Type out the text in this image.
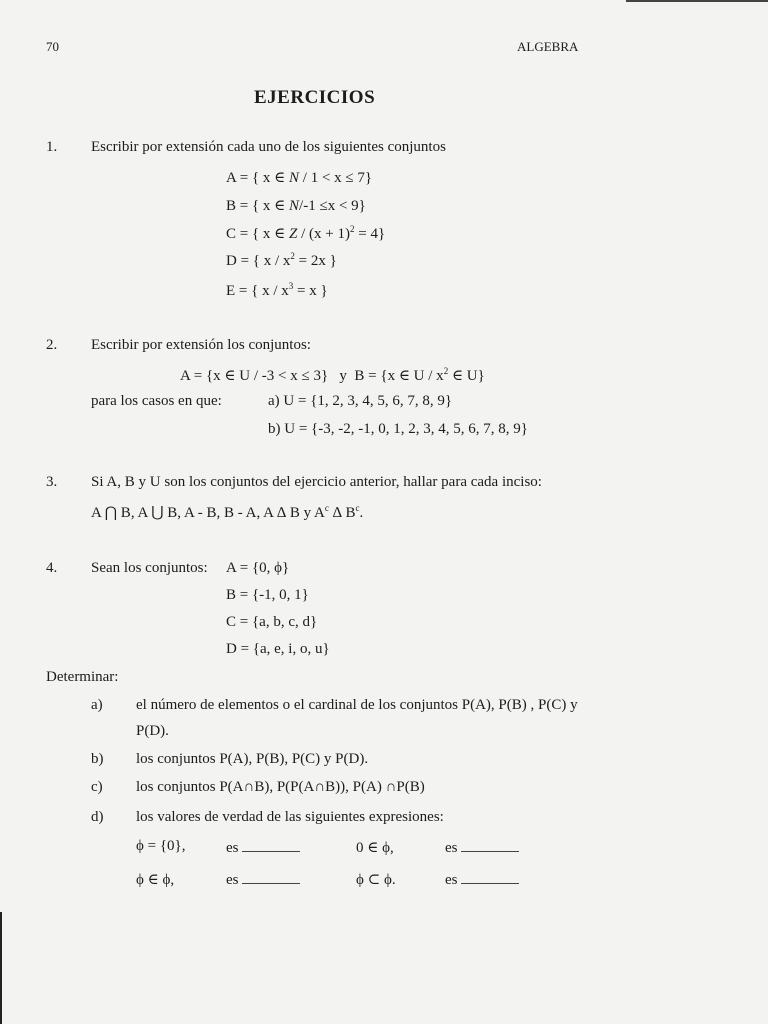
70	ALGEBRA
EJERCICIOS
1. Escribir por extensión cada uno de los siguientes conjuntos
A = { x ∈ N / 1 < x ≤ 7}
B = { x ∈ N/-1 ≤x < 9}
C = { x ∈ $Z / (x + 1)^2 = 4$}
D = { $x / x^2 = 2x$ }
E = { $x / x^3 = x$ }
2. Escribir por extensión los conjuntos:
A = {x ∈ U / -3 < x ≤ 3} y B = {x ∈ U / $x^2$ ∈ U}
para los casos en que:	a) U = {1, 2, 3, 4, 5, 6, 7, 8, 9}
b) U = {-3, -2, -1, 0, 1, 2, 3, 4, 5, 6, 7, 8, 9}
3. Si A, B y U son los conjuntos del ejercicio anterior, hallar para cada inciso:
A ⋂ B, A ⋃ B, A - B, B - A, A ∆ B y $A^c$ ∆ $B^c$.
4. Sean los conjuntos: A = {0, ϕ}
B = {-1, 0, 1}
C = {a, b, c, d}
D = {a, e, i, o, u}
Determinar:
a) el número de elementos o el cardinal de los conjuntos P(A), P(B) , P(C) y
P(D).
b) los conjuntos P(A), P(B), P(C) y P(D).
c) los conjuntos P(A∩B), P(P(A∩B)), P(A) ∩P(B)
d) los valores de verdad de las siguientes expresiones:
ϕ = {0},	es	0 ∈ ϕ,	es
ϕ ∈ ϕ,	es	ϕ ⊂ ϕ.	es
